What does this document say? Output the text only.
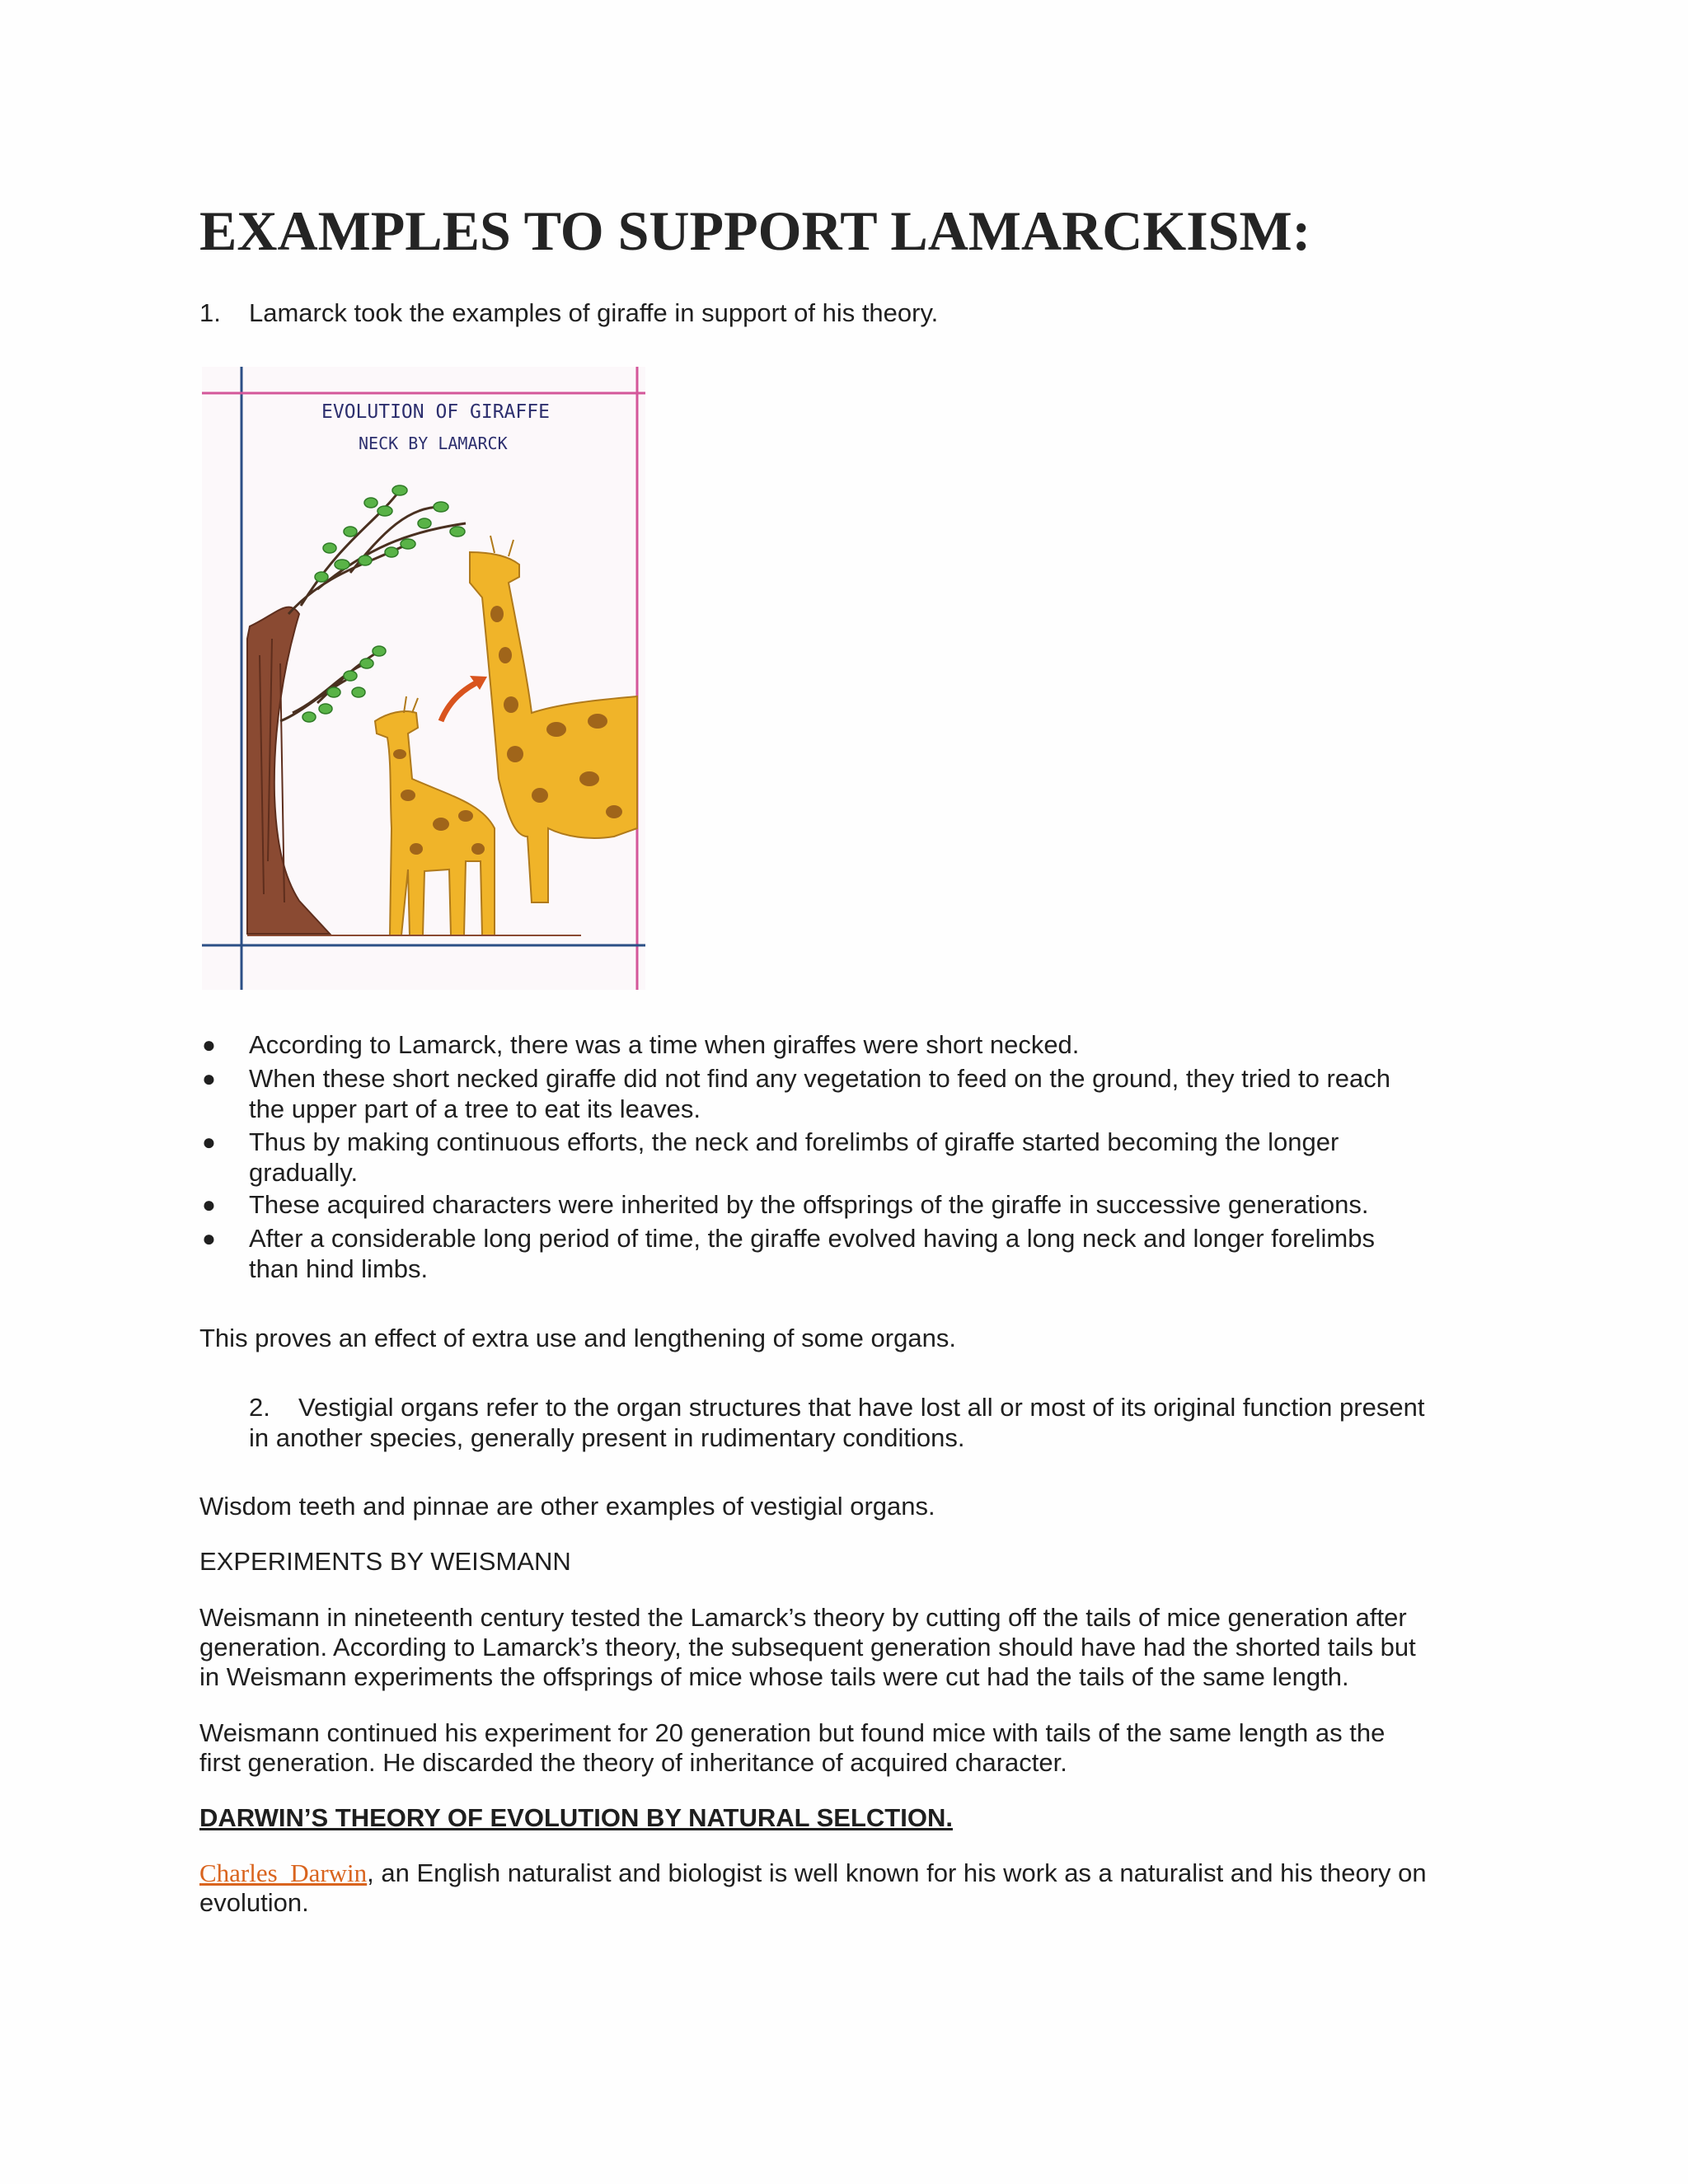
EXAMPLES TO SUPPORT LAMARCKISM:
1. Lamarck took the examples of giraffe in support of his theory.

EVOLUTION OF GIRAFFE
NECK BY LAMARCK
● According to Lamarck, there was a time when giraffes were short necked.

● When these short necked giraffe did not find any vegetation to feed on the ground, they tried to reach

the upper part of a tree to eat its leaves.

● Thus by making continuous efforts, the neck and forelimbs of giraffe started becoming the longer

gradually.

● These acquired characters were inherited by the offsprings of the giraffe in successive generations.

● After a considerable long period of time, the giraffe evolved having a long neck and longer forelimbs

than hind limbs.

This proves an effect of extra use and lengthening of some organs.

2. Vestigial organs refer to the organ structures that have lost all or most of its original function present

in another species, generally present in rudimentary conditions.

Wisdom teeth and pinnae are other examples of vestigial organs.

EXPERIMENTS BY WEISMANN

Weismann in nineteenth century tested the Lamarck’s theory by cutting off the tails of mice generation after

generation. According to Lamarck’s theory, the subsequent generation should have had the shorted tails but

in Weismann experiments the offsprings of mice whose tails were cut had the tails of the same length.

Weismann continued his experiment for 20 generation but found mice with tails of the same length as the

first generation. He discarded the theory of inheritance of acquired character.

DARWIN’S THEORY OF EVOLUTION BY NATURAL SELCTION.

Charles  Darwin, an English naturalist and biologist is well known for his work as a naturalist and his theory on

evolution.
